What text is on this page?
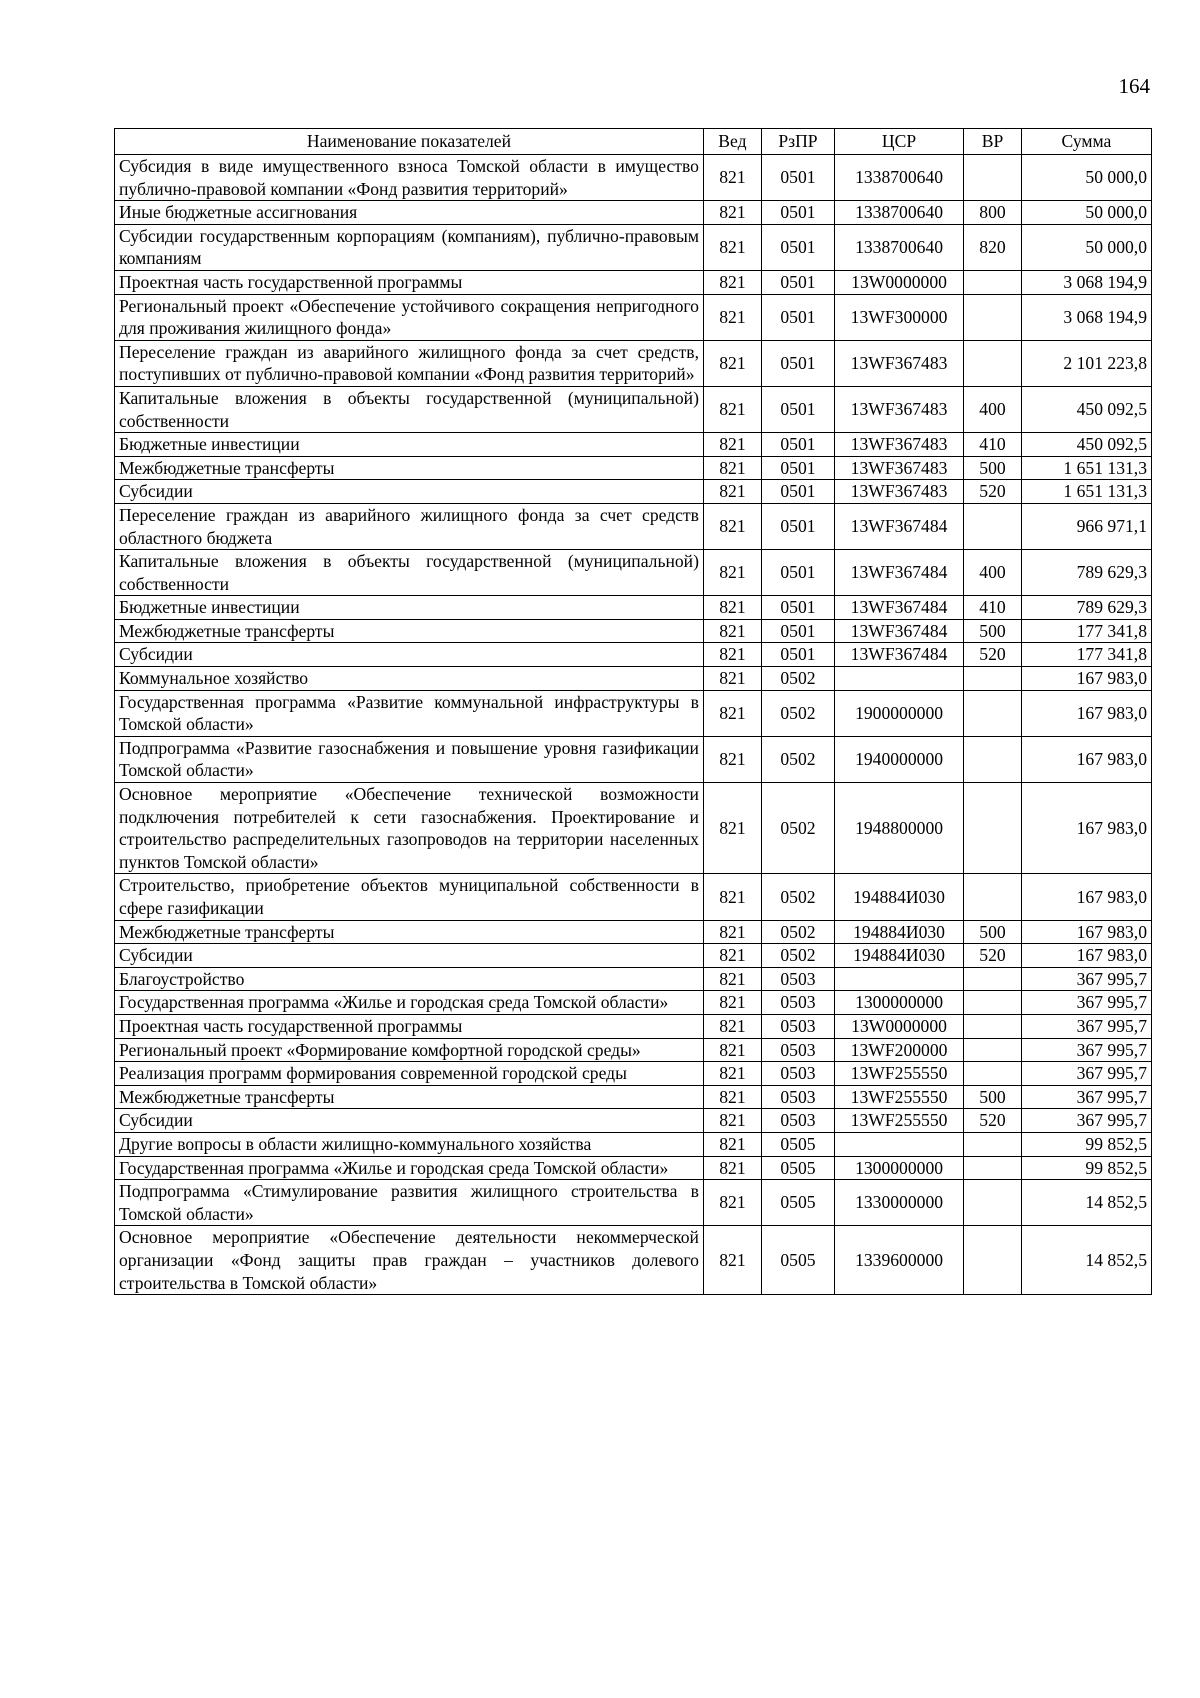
164
Наименование показателей	Вед	РзПР	ЦСР	ВР	Сумма
Субсидия в виде имущественного взноса Томской области в имущество публично-правовой компании «Фонд развития территорий»	821	0501	1338700640		50 000,0
Иные бюджетные ассигнования	821	0501	1338700640	800	50 000,0
Субсидии государственным корпорациям (компаниям), публично-правовым компаниям	821	0501	1338700640	820	50 000,0
Проектная часть государственной программы	821	0501	13W0000000		3 068 194,9
Региональный проект «Обеспечение устойчивого сокращения непригодного для проживания жилищного фонда»	821	0501	13WF300000		3 068 194,9
Переселение граждан из аварийного жилищного фонда за счет средств, поступивших от публично-правовой компании «Фонд развития территорий»	821	0501	13WF367483		2 101 223,8
Капитальные вложения в объекты государственной (муниципальной) собственности	821	0501	13WF367483	400	450 092,5
Бюджетные инвестиции	821	0501	13WF367483	410	450 092,5
Межбюджетные трансферты	821	0501	13WF367483	500	1 651 131,3
Субсидии	821	0501	13WF367483	520	1 651 131,3
Переселение граждан из аварийного жилищного фонда за счет средств областного бюджета	821	0501	13WF367484		966 971,1
Капитальные вложения в объекты государственной (муниципальной) собственности	821	0501	13WF367484	400	789 629,3
Бюджетные инвестиции	821	0501	13WF367484	410	789 629,3
Межбюджетные трансферты	821	0501	13WF367484	500	177 341,8
Субсидии	821	0501	13WF367484	520	177 341,8
Коммунальное хозяйство	821	0502			167 983,0
Государственная программа «Развитие коммунальной инфраструктуры в Томской области»	821	0502	1900000000		167 983,0
Подпрограмма «Развитие газоснабжения и повышение уровня газификации Томской области»	821	0502	1940000000		167 983,0
Основное мероприятие «Обеспечение технической возможности подключения потребителей к сети газоснабжения. Проектирование и строительство распределительных газопроводов на территории населенных пунктов Томской области»	821	0502	1948800000		167 983,0
Строительство, приобретение объектов муниципальной собственности в сфере газификации	821	0502	194884И030		167 983,0
Межбюджетные трансферты	821	0502	194884И030	500	167 983,0
Субсидии	821	0502	194884И030	520	167 983,0
Благоустройство	821	0503			367 995,7
Государственная программа «Жилье и городская среда Томской области»	821	0503	1300000000		367 995,7
Проектная часть государственной программы	821	0503	13W0000000		367 995,7
Региональный проект «Формирование комфортной городской среды»	821	0503	13WF200000		367 995,7
Реализация программ формирования современной городской среды	821	0503	13WF255550		367 995,7
Межбюджетные трансферты	821	0503	13WF255550	500	367 995,7
Субсидии	821	0503	13WF255550	520	367 995,7
Другие вопросы в области жилищно-коммунального хозяйства	821	0505			99 852,5
Государственная программа «Жилье и городская среда Томской области»	821	0505	1300000000		99 852,5
Подпрограмма «Стимулирование развития жилищного строительства в Томской области»	821	0505	1330000000		14 852,5
Основное мероприятие «Обеспечение деятельности некоммерческой организации «Фонд защиты прав граждан – участников долевого строительства в Томской области»	821	0505	1339600000		14 852,5
